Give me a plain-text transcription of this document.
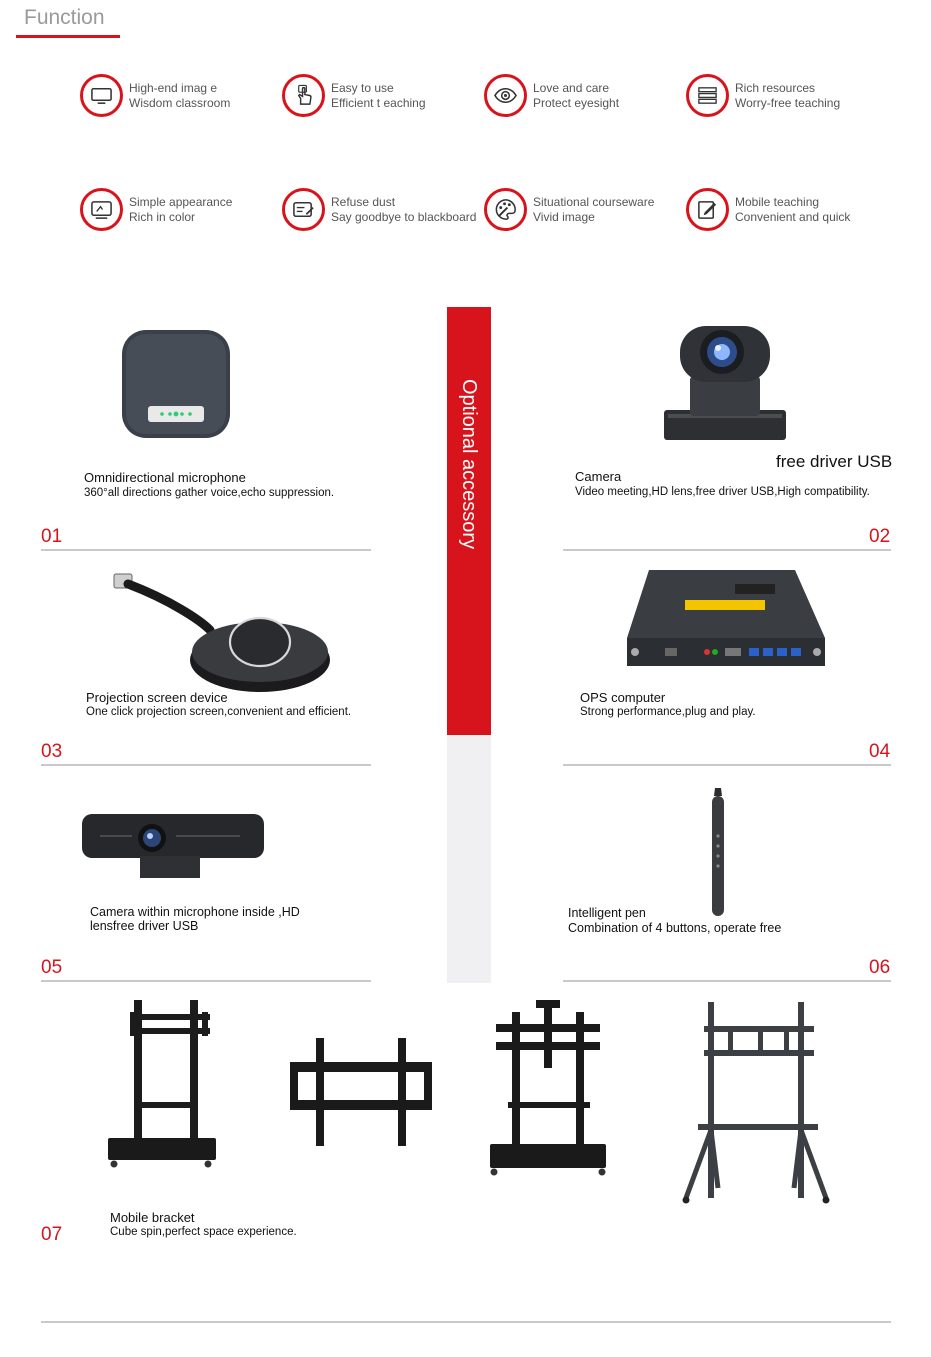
Function
High-end imag e
Wisdom classroom
Easy to use
Efficient t eaching
Love and care
Protect eyesight
Rich resources
Worry-free teaching
Simple appearance
Rich in color
Refuse dust
Say goodbye to blackboard
Situational courseware
Vivid image
Mobile teaching
Convenient and quick
Optional accessory
Omnidirectional microphone
360°all directions gather voice,echo suppression.
01
free driver USB
Camera
Video meeting,HD lens,free driver USB,High compatibility.
02
Projection screen device
One click projection screen,convenient and efficient.
03
OPS computer
Strong performance,plug and play.
04
Camera within microphone inside ,HD
lensfree driver USB
05
Intelligent pen
Combination of 4 buttons, operate free
06
Mobile bracket
Cube spin,perfect space experience.
07
